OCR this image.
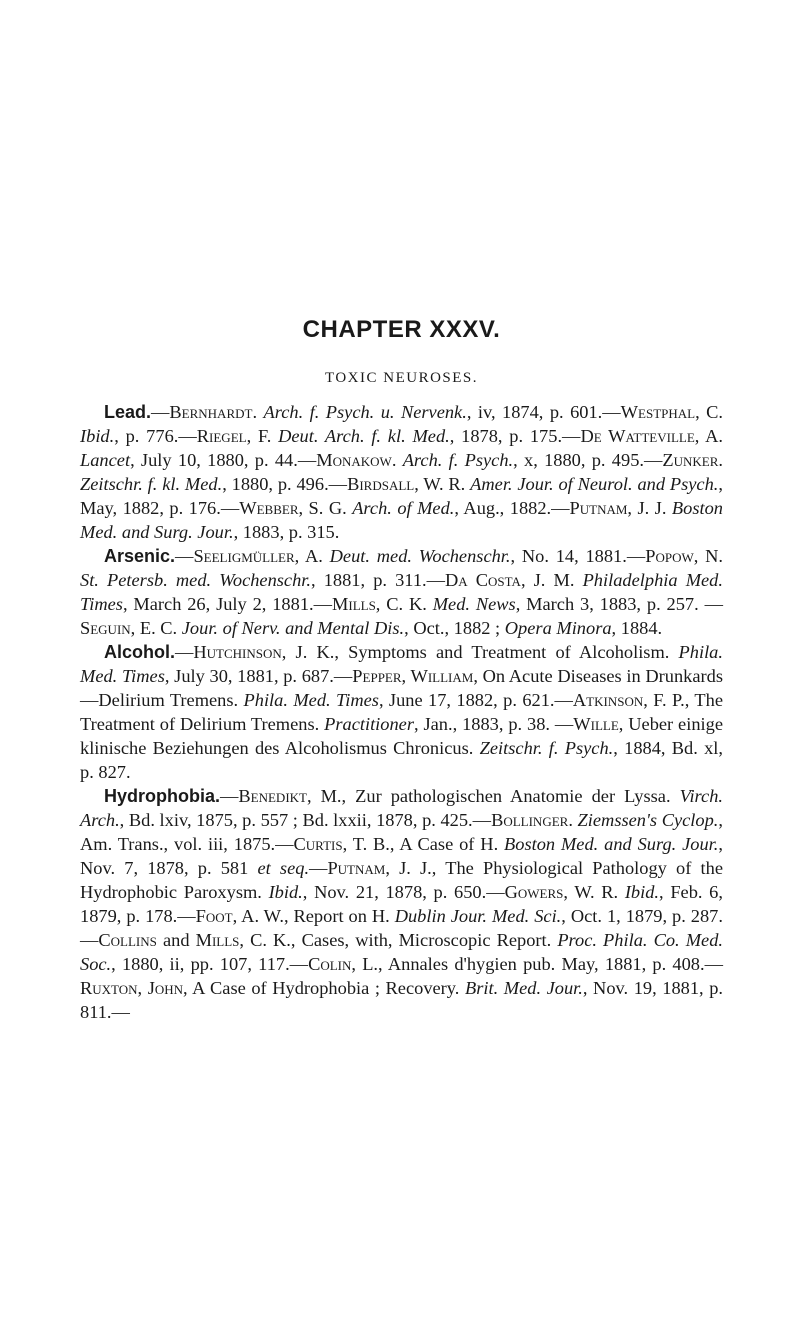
CHAPTER XXXV.
TOXIC NEUROSES.

Lead.—Bernhardt. Arch. f. Psych. u. Nervenk., iv, 1874, p. 601.—Westphal, C. Ibid., p. 776.—Riegel, F. Deut. Arch. f. kl. Med., 1878, p. 175.—De Watteville, A. Lancet, July 10, 1880, p. 44.—Monakow. Arch. f. Psych., x, 1880, p. 495.—Zunker. Zeitschr. f. kl. Med., 1880, p. 496.—Birdsall, W. R. Amer. Jour. of Neurol. and Psych., May, 1882, p. 176.—Webber, S. G. Arch. of Med., Aug., 1882.—Putnam, J. J. Boston Med. and Surg. Jour., 1883, p. 315.

Arsenic.—Seeligmüller, A. Deut. med. Wochenschr., No. 14, 1881.—Popow, N. St. Petersb. med. Wochenschr., 1881, p. 311.—Da Costa, J. M. Philadelphia Med. Times, March 26, July 2, 1881.—Mills, C. K. Med. News, March 3, 1883, p. 257. —Seguin, E. C. Jour. of Nerv. and Mental Dis., Oct., 1882 ; Opera Minora, 1884.

Alcohol.—Hutchinson, J. K., Symptoms and Treatment of Alcoholism. Phila. Med. Times, July 30, 1881, p. 687.—Pepper, William, On Acute Diseases in Drunkards—Delirium Tremens. Phila. Med. Times, June 17, 1882, p. 621.—Atkinson, F. P., The Treatment of Delirium Tremens. Practitioner, Jan., 1883, p. 38. —Wille, Ueber einige klinische Beziehungen des Alcoholismus Chronicus. Zeitschr. f. Psych., 1884, Bd. xl, p. 827.

Hydrophobia.—Benedikt, M., Zur pathologischen Anatomie der Lyssa. Virch. Arch., Bd. lxiv, 1875, p. 557 ; Bd. lxxii, 1878, p. 425.—Bollinger. Ziemssen's Cyclop., Am. Trans., vol. iii, 1875.—Curtis, T. B., A Case of H. Boston Med. and Surg. Jour., Nov. 7, 1878, p. 581 et seq.—Putnam, J. J., The Physiological Pathology of the Hydrophobic Paroxysm. Ibid., Nov. 21, 1878, p. 650.—Gowers, W. R. Ibid., Feb. 6, 1879, p. 178.—Foot, A. W., Report on H. Dublin Jour. Med. Sci., Oct. 1, 1879, p. 287.—Collins and Mills, C. K., Cases, with, Microscopic Report. Proc. Phila. Co. Med. Soc., 1880, ii, pp. 107, 117.—Colin, L., Annales d'hygien pub. May, 1881, p. 408.—Ruxton, John, A Case of Hydrophobia ; Recovery. Brit. Med. Jour., Nov. 19, 1881, p. 811.—
